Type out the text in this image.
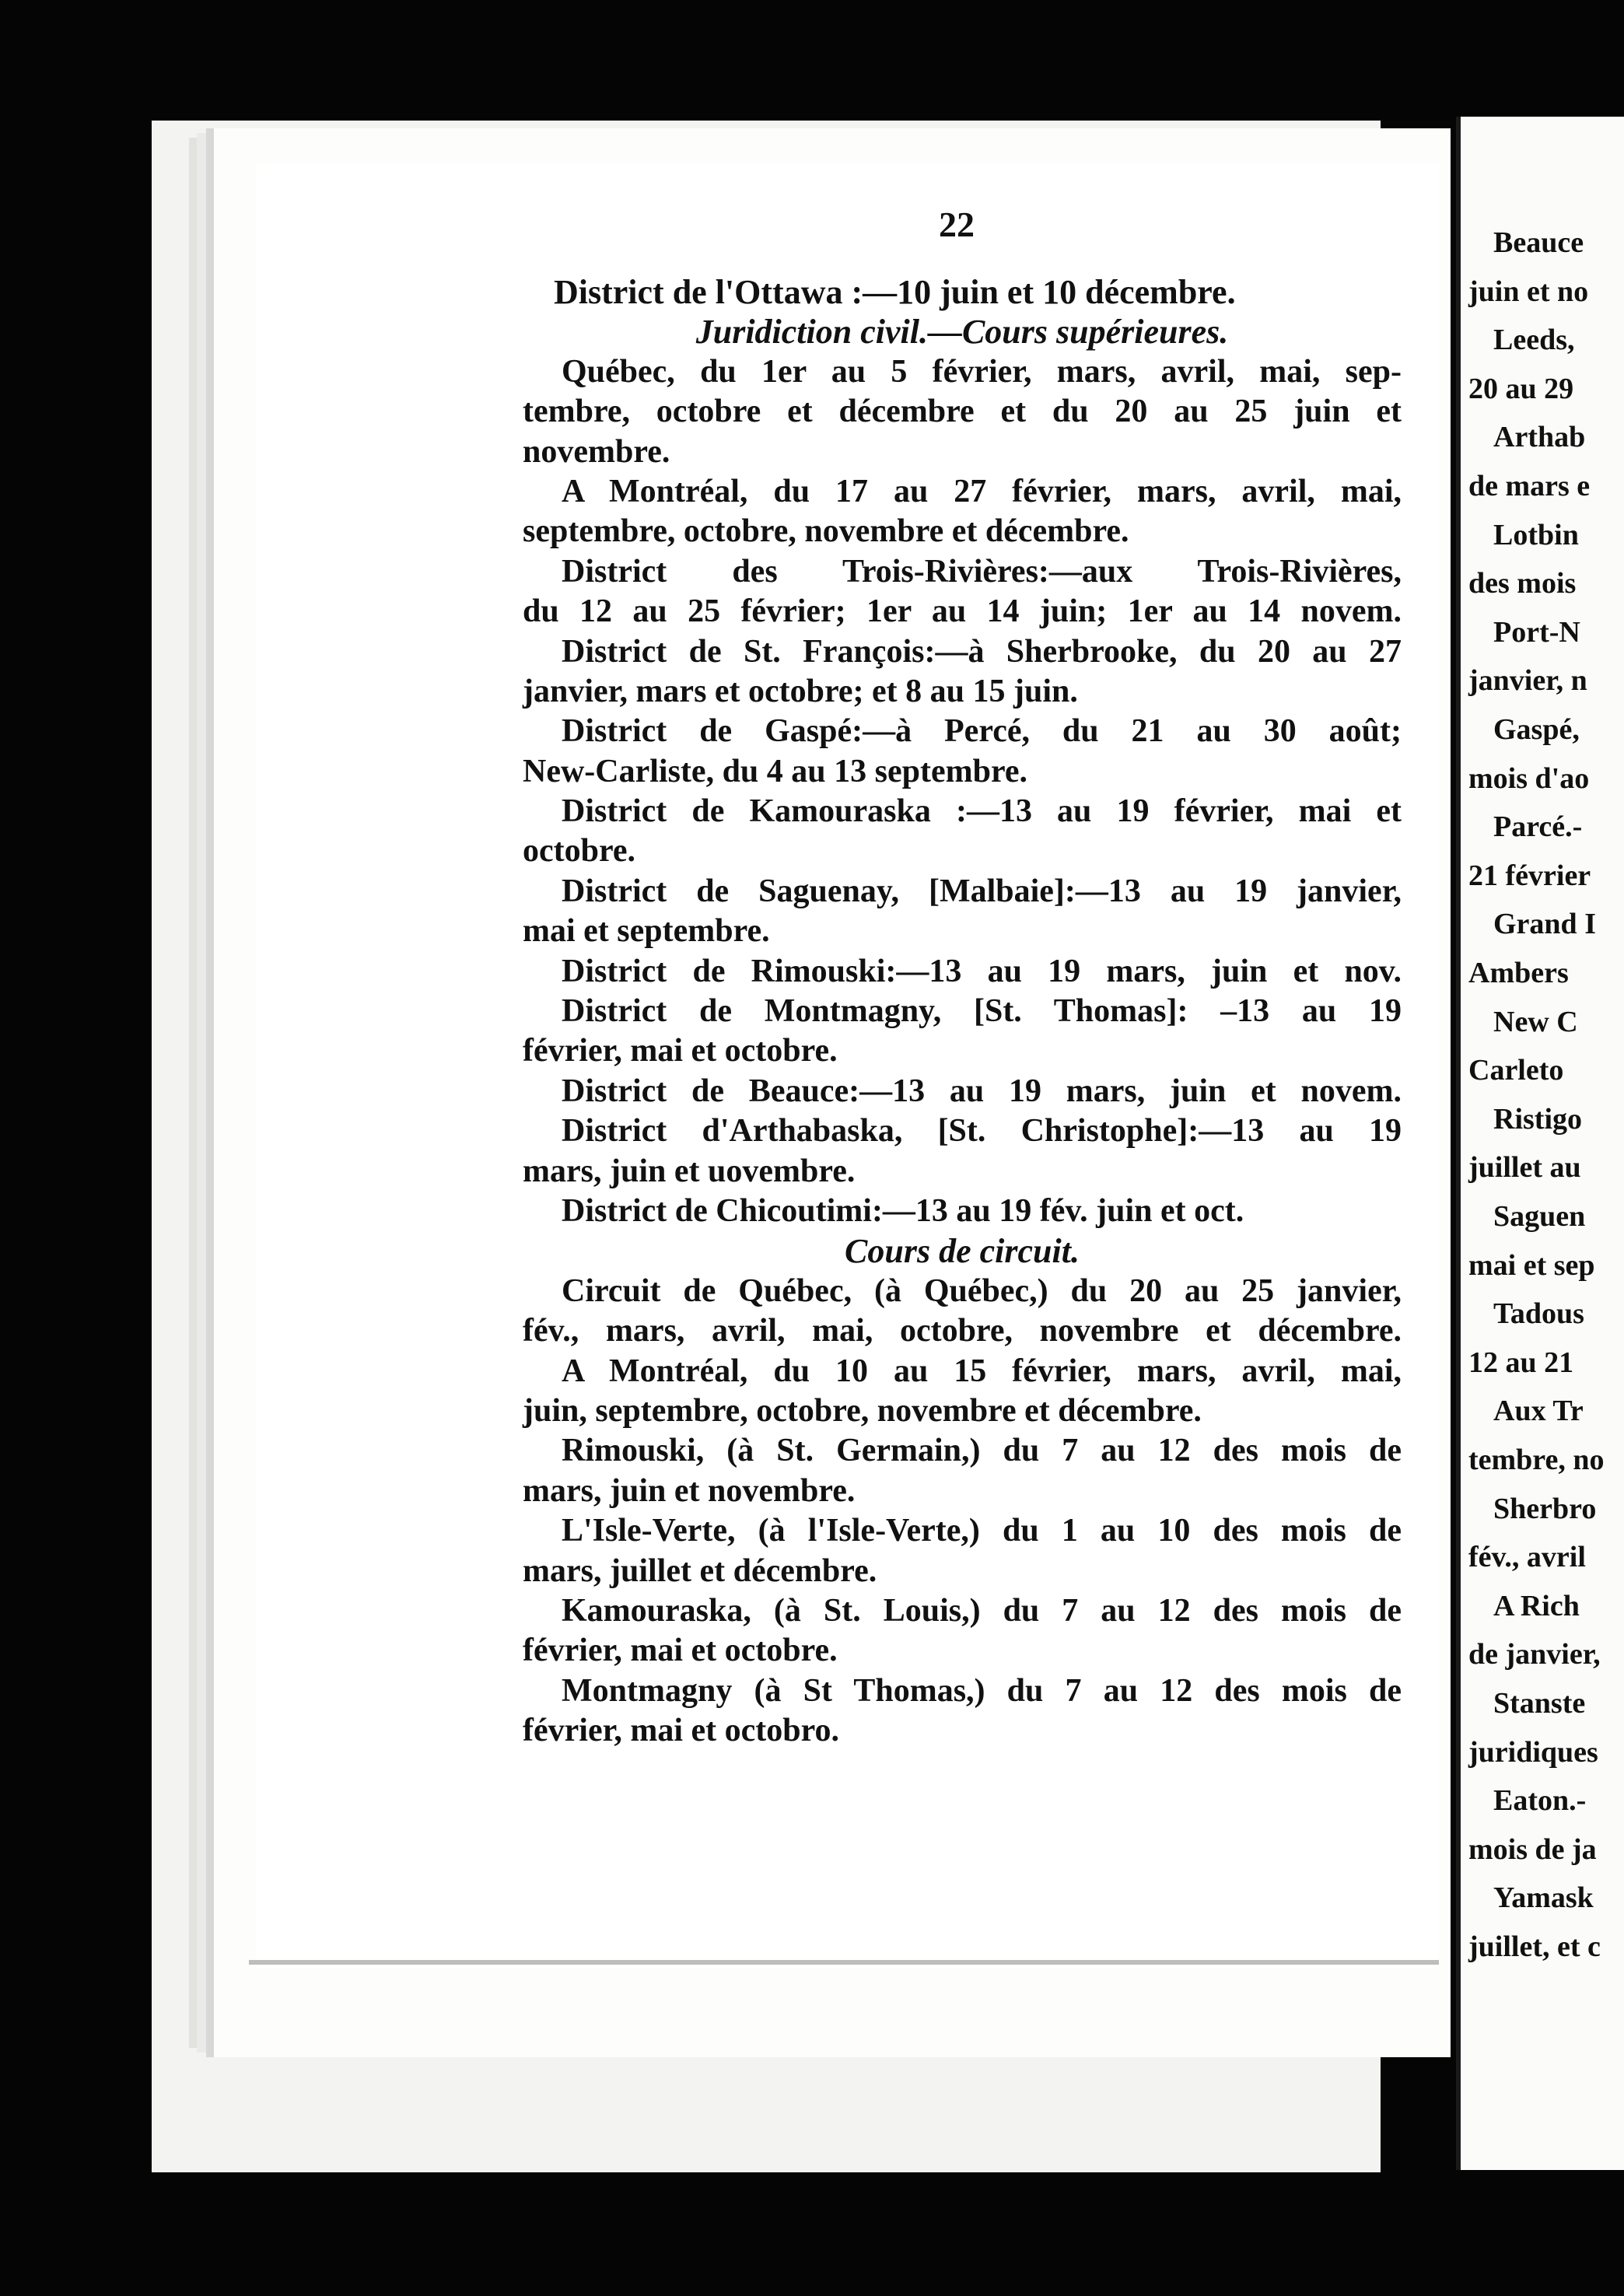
22
District de l'Ottawa :—10 juin et 10 décembre.
Juridiction civil.—Cours supérieures.
Québec, du 1er au 5 février, mars, avril, mai, sep-
tembre, octobre et décembre et du 20 au 25 juin et
novembre.
A Montréal, du 17 au 27 février, mars, avril, mai,
septembre, octobre, novembre et décembre.
District des Trois-Rivières:—aux Trois-Rivières,
du 12 au 25 février; 1er au 14 juin; 1er au 14 novem.
District de St. François:—à Sherbrooke, du 20 au 27
janvier, mars et octobre; et 8 au 15 juin.
District de Gaspé:—à Percé, du 21 au 30 août;
New-Carliste, du 4 au 13 septembre.
District de Kamouraska :—13 au 19 février, mai et
octobre.
District de Saguenay, [Malbaie]:—13 au 19 janvier,
mai et septembre.
District de Rimouski:—13 au 19 mars, juin et nov.
District de Montmagny, [St. Thomas]: –13 au 19
février, mai et octobre.
District de Beauce:—13 au 19 mars, juin et novem.
District d'Arthabaska, [St. Christophe]:—13 au 19
mars, juin et uovembre.
District de Chicoutimi:—13 au 19 fév. juin et oct.
Cours de circuit.
Circuit de Québec, (à Québec,) du 20 au 25 janvier,
fév., mars, avril, mai, octobre, novembre et décembre.
A Montréal, du 10 au 15 février, mars, avril, mai,
juin, septembre, octobre, novembre et décembre.
Rimouski, (à St. Germain,) du 7 au 12 des mois de
mars, juin et novembre.
L'Isle-Verte, (à l'Isle-Verte,) du 1 au 10 des mois de
mars, juillet et décembre.
Kamouraska, (à St. Louis,) du 7 au 12 des mois de
février, mai et octobre.
Montmagny (à St Thomas,) du 7 au 12 des mois de
février, mai et octobro.
Beauce
juin et no
Leeds,
20 au 29
Arthab
de mars e
Lotbin
des mois
Port-N
janvier, n
Gaspé,
mois d'ao
Parcé.-
21 février
Grand I
Ambers
New C
Carleto
Ristigo
juillet au
Saguen
mai et sep
Tadous
12 au 21
Aux Tr
tembre, no
Sherbro
fév., avril
A Rich
de janvier,
Stanste
juridiques
Eaton.-
mois de ja
Yamask
juillet, et c
